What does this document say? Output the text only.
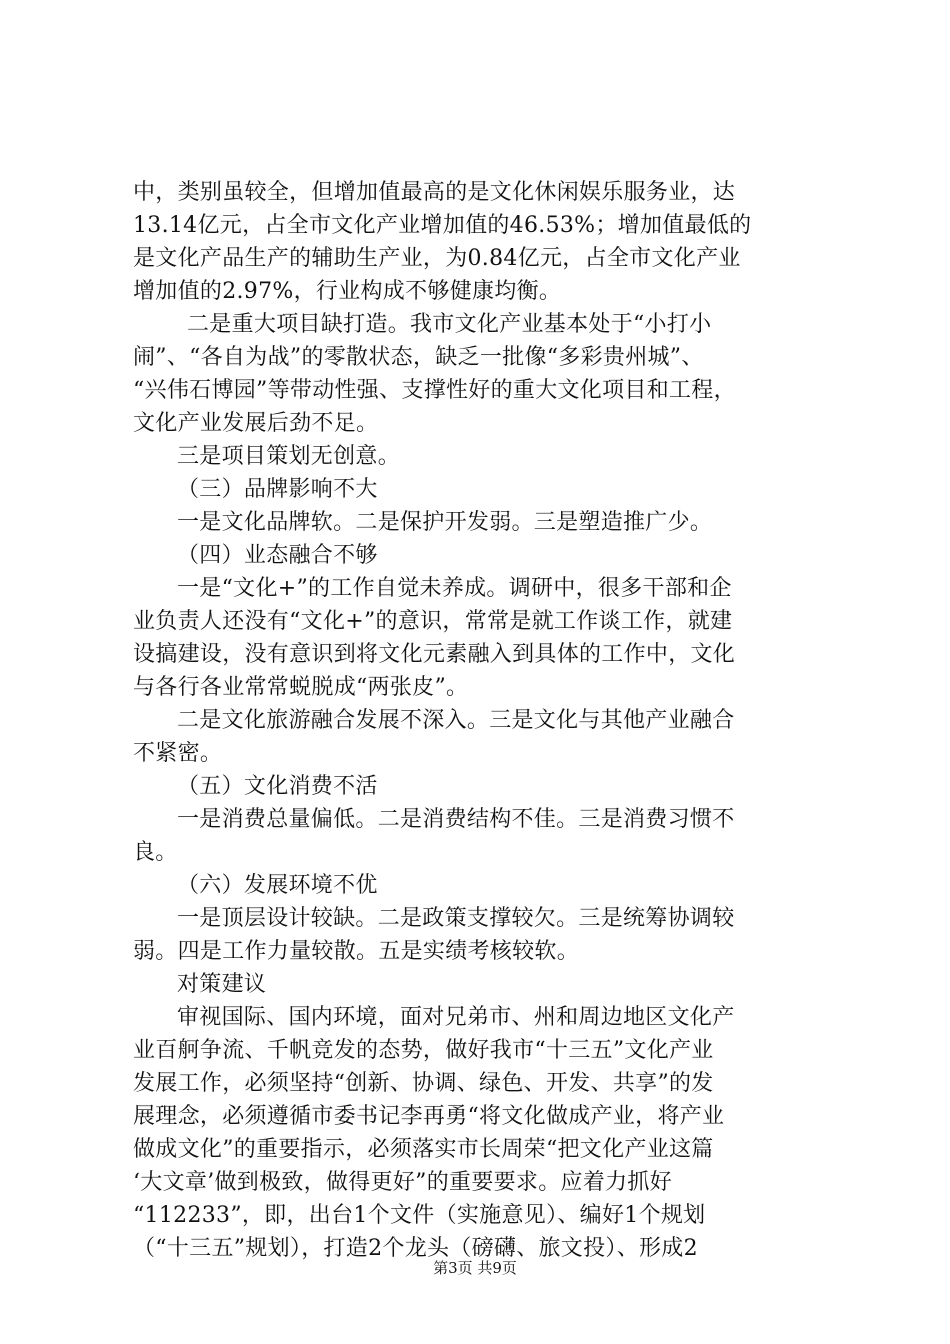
中，类别虽较全，但增加值最高的是文化休闲娱乐服务业，达
13.14亿元，占全市文化产业增加值的46.53%；增加值最低的
是文化产品生产的辅助生产业，为0.84亿元，占全市文化产业
增加值的2.97%，行业构成不够健康均衡。
二是重大项目缺打造。我市文化产业基本处于“小打小
闹”、“各自为战”的零散状态，缺乏一批像“多彩贵州城”、
“兴伟石博园”等带动性强、支撑性好的重大文化项目和工程，
文化产业发展后劲不足。
三是项目策划无创意。
（三）品牌影响不大
一是文化品牌软。二是保护开发弱。三是塑造推广少。
（四）业态融合不够
一是“文化+”的工作自觉未养成。调研中，很多干部和企
业负责人还没有“文化+”的意识，常常是就工作谈工作，就建
设搞建设，没有意识到将文化元素融入到具体的工作中，文化
与各行各业常常蜕脱成“两张皮”。
二是文化旅游融合发展不深入。三是文化与其他产业融合
不紧密。
（五）文化消费不活
一是消费总量偏低。二是消费结构不佳。三是消费习惯不
良。
（六）发展环境不优
一是顶层设计较缺。二是政策支撑较欠。三是统筹协调较
弱。四是工作力量较散。五是实绩考核较软。
对策建议
审视国际、国内环境，面对兄弟市、州和周边地区文化产
业百舸争流、千帆竞发的态势，做好我市“十三五”文化产业
发展工作，必须坚持“创新、协调、绿色、开发、共享”的发
展理念，必须遵循市委书记李再勇“将文化做成产业，将产业
做成文化”的重要指示，必须落实市长周荣“把文化产业这篇
‘大文章’做到极致，做得更好”的重要要求。应着力抓好
“112233”，即，出台1个文件（实施意见）、编好1个规划
（“十三五”规划），打造2个龙头（磅礴、旅文投）、形成2
第3页 共9页
